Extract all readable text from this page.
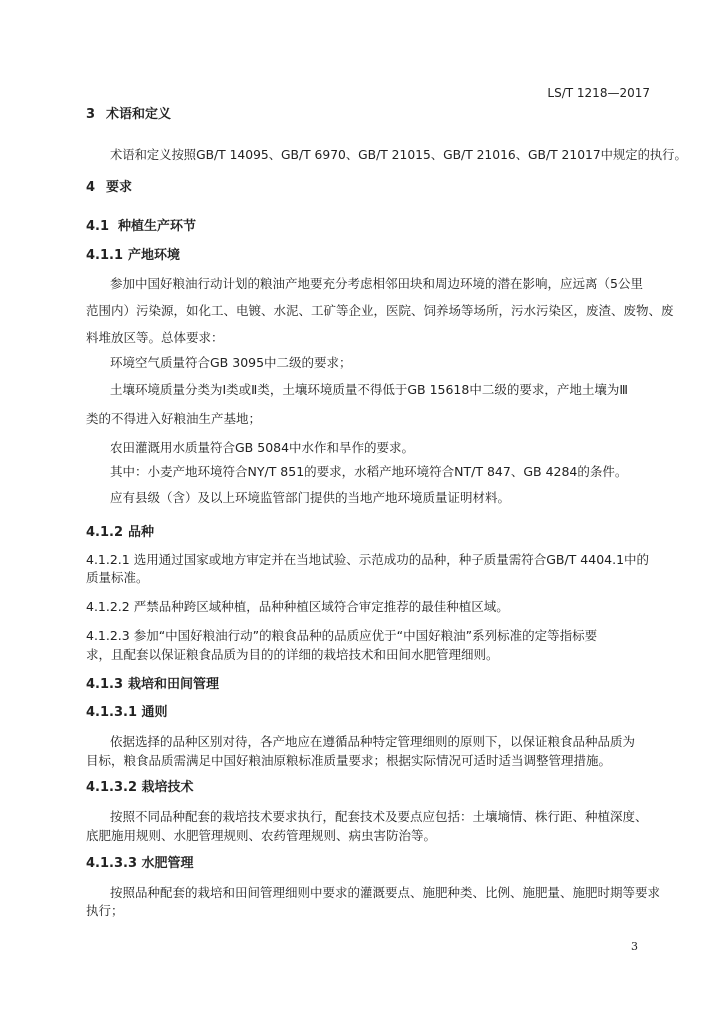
LS/T 1218—2017
3 术语和定义
术语和定义按照GB/T 14095、GB/T 6970、GB/T 21015、GB/T 21016、GB/T 21017中规定的执行。
4 要求
4.1 种植生产环节
4.1.1 产地环境
参加中国好粮油行动计划的粮油产地要充分考虑相邻田块和周边环境的潜在影响，应远离（5公里
范围内）污染源，如化工、电镀、水泥、工矿等企业，医院、饲养场等场所，污水污染区，废渣、废物、废
料堆放区等。总体要求：
环境空气质量符合GB 3095中二级的要求；
土壤环境质量分类为Ⅰ类或Ⅱ类，土壤环境质量不得低于GB 15618中二级的要求，产地土壤为Ⅲ
类的不得进入好粮油生产基地；
农田灌溉用水质量符合GB 5084中水作和旱作的要求。
其中：小麦产地环境符合NY/T 851的要求，水稻产地环境符合NT/T 847、GB 4284的条件。
应有县级（含）及以上环境监管部门提供的当地产地环境质量证明材料。
4.1.2 品种
4.1.2.1 选用通过国家或地方审定并在当地试验、示范成功的品种，种子质量需符合GB/T 4404.1中的
质量标准。
4.1.2.2 严禁品种跨区域种植，品种种植区域符合审定推荐的最佳种植区域。
4.1.2.3 参加“中国好粮油行动”的粮食品种的品质应优于“中国好粮油”系列标准的定等指标要
求，且配套以保证粮食品质为目的的详细的栽培技术和田间水肥管理细则。
4.1.3 栽培和田间管理
4.1.3.1 通则
依据选择的品种区别对待，各产地应在遵循品种特定管理细则的原则下，以保证粮食品种品质为
目标，粮食品质需满足中国好粮油原粮标准质量要求；根据实际情况可适时适当调整管理措施。
4.1.3.2 栽培技术
按照不同品种配套的栽培技术要求执行，配套技术及要点应包括：土壤墒情、株行距、种植深度、
底肥施用规则、水肥管理规则、农药管理规则、病虫害防治等。
4.1.3.3 水肥管理
按照品种配套的栽培和田间管理细则中要求的灌溉要点、施肥种类、比例、施肥量、施肥时期等要求
执行；
3
